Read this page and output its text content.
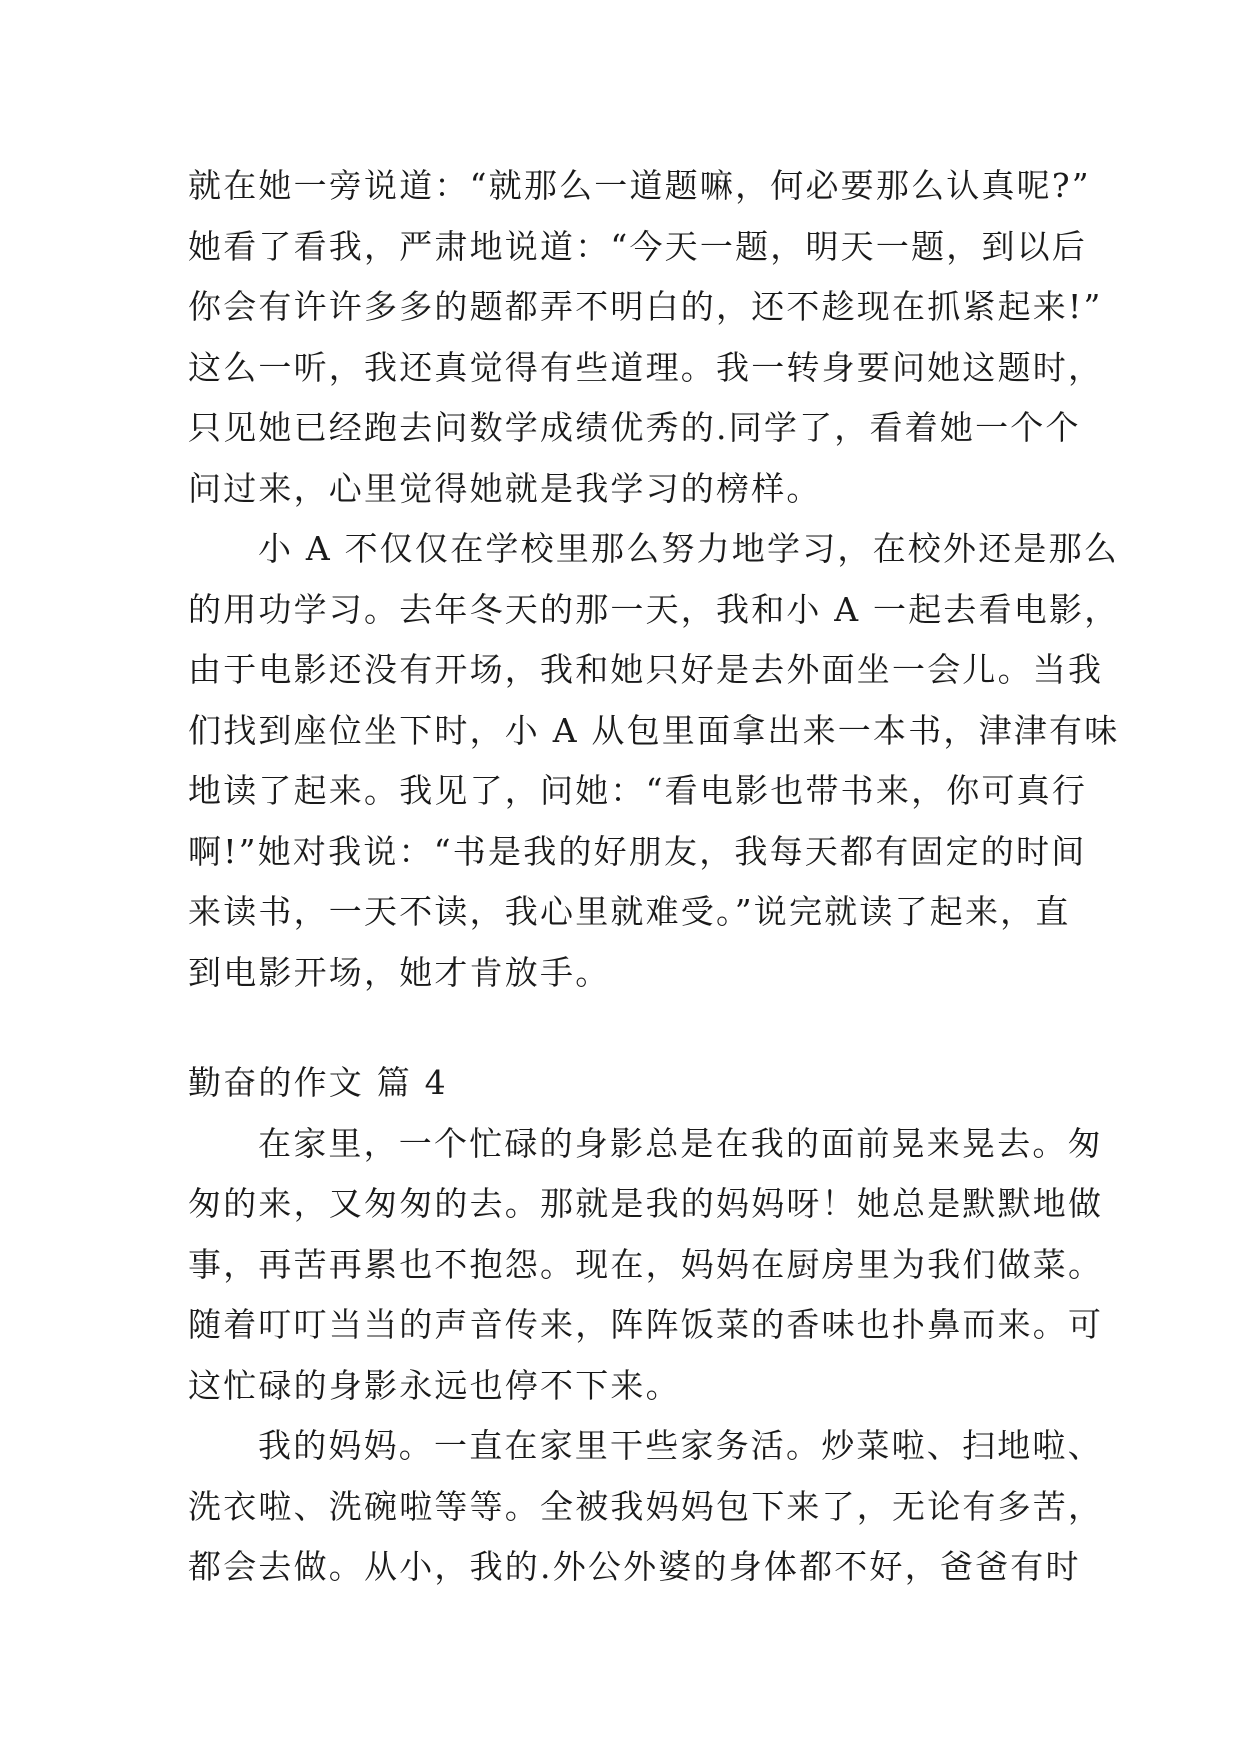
就在她一旁说道：“就那么一道题嘛，何必要那么认真呢?”
她看了看我，严肃地说道：“今天一题，明天一题，到以后
你会有许许多多的题都弄不明白的，还不趁现在抓紧起来!”
这么一听，我还真觉得有些道理。我一转身要问她这题时，
只见她已经跑去问数学成绩优秀的.同学了，看着她一个个
问过来，心里觉得她就是我学习的榜样。
小 A 不仅仅在学校里那么努力地学习，在校外还是那么
的用功学习。去年冬天的那一天，我和小 A 一起去看电影，
由于电影还没有开场，我和她只好是去外面坐一会儿。当我
们找到座位坐下时，小 A 从包里面拿出来一本书，津津有味
地读了起来。我见了，问她：“看电影也带书来，你可真行
啊!”她对我说：“书是我的好朋友，我每天都有固定的时间
来读书，一天不读，我心里就难受。”说完就读了起来，直
到电影开场，她才肯放手。
勤奋的作文 篇 4
在家里，一个忙碌的身影总是在我的面前晃来晃去。匆
匆的来，又匆匆的去。那就是我的妈妈呀！她总是默默地做
事，再苦再累也不抱怨。现在，妈妈在厨房里为我们做菜。
随着叮叮当当的声音传来，阵阵饭菜的香味也扑鼻而来。可
这忙碌的身影永远也停不下来。
我的妈妈。一直在家里干些家务活。炒菜啦、扫地啦、
洗衣啦、洗碗啦等等。全被我妈妈包下来了，无论有多苦，
都会去做。从小，我的.外公外婆的身体都不好，爸爸有时
